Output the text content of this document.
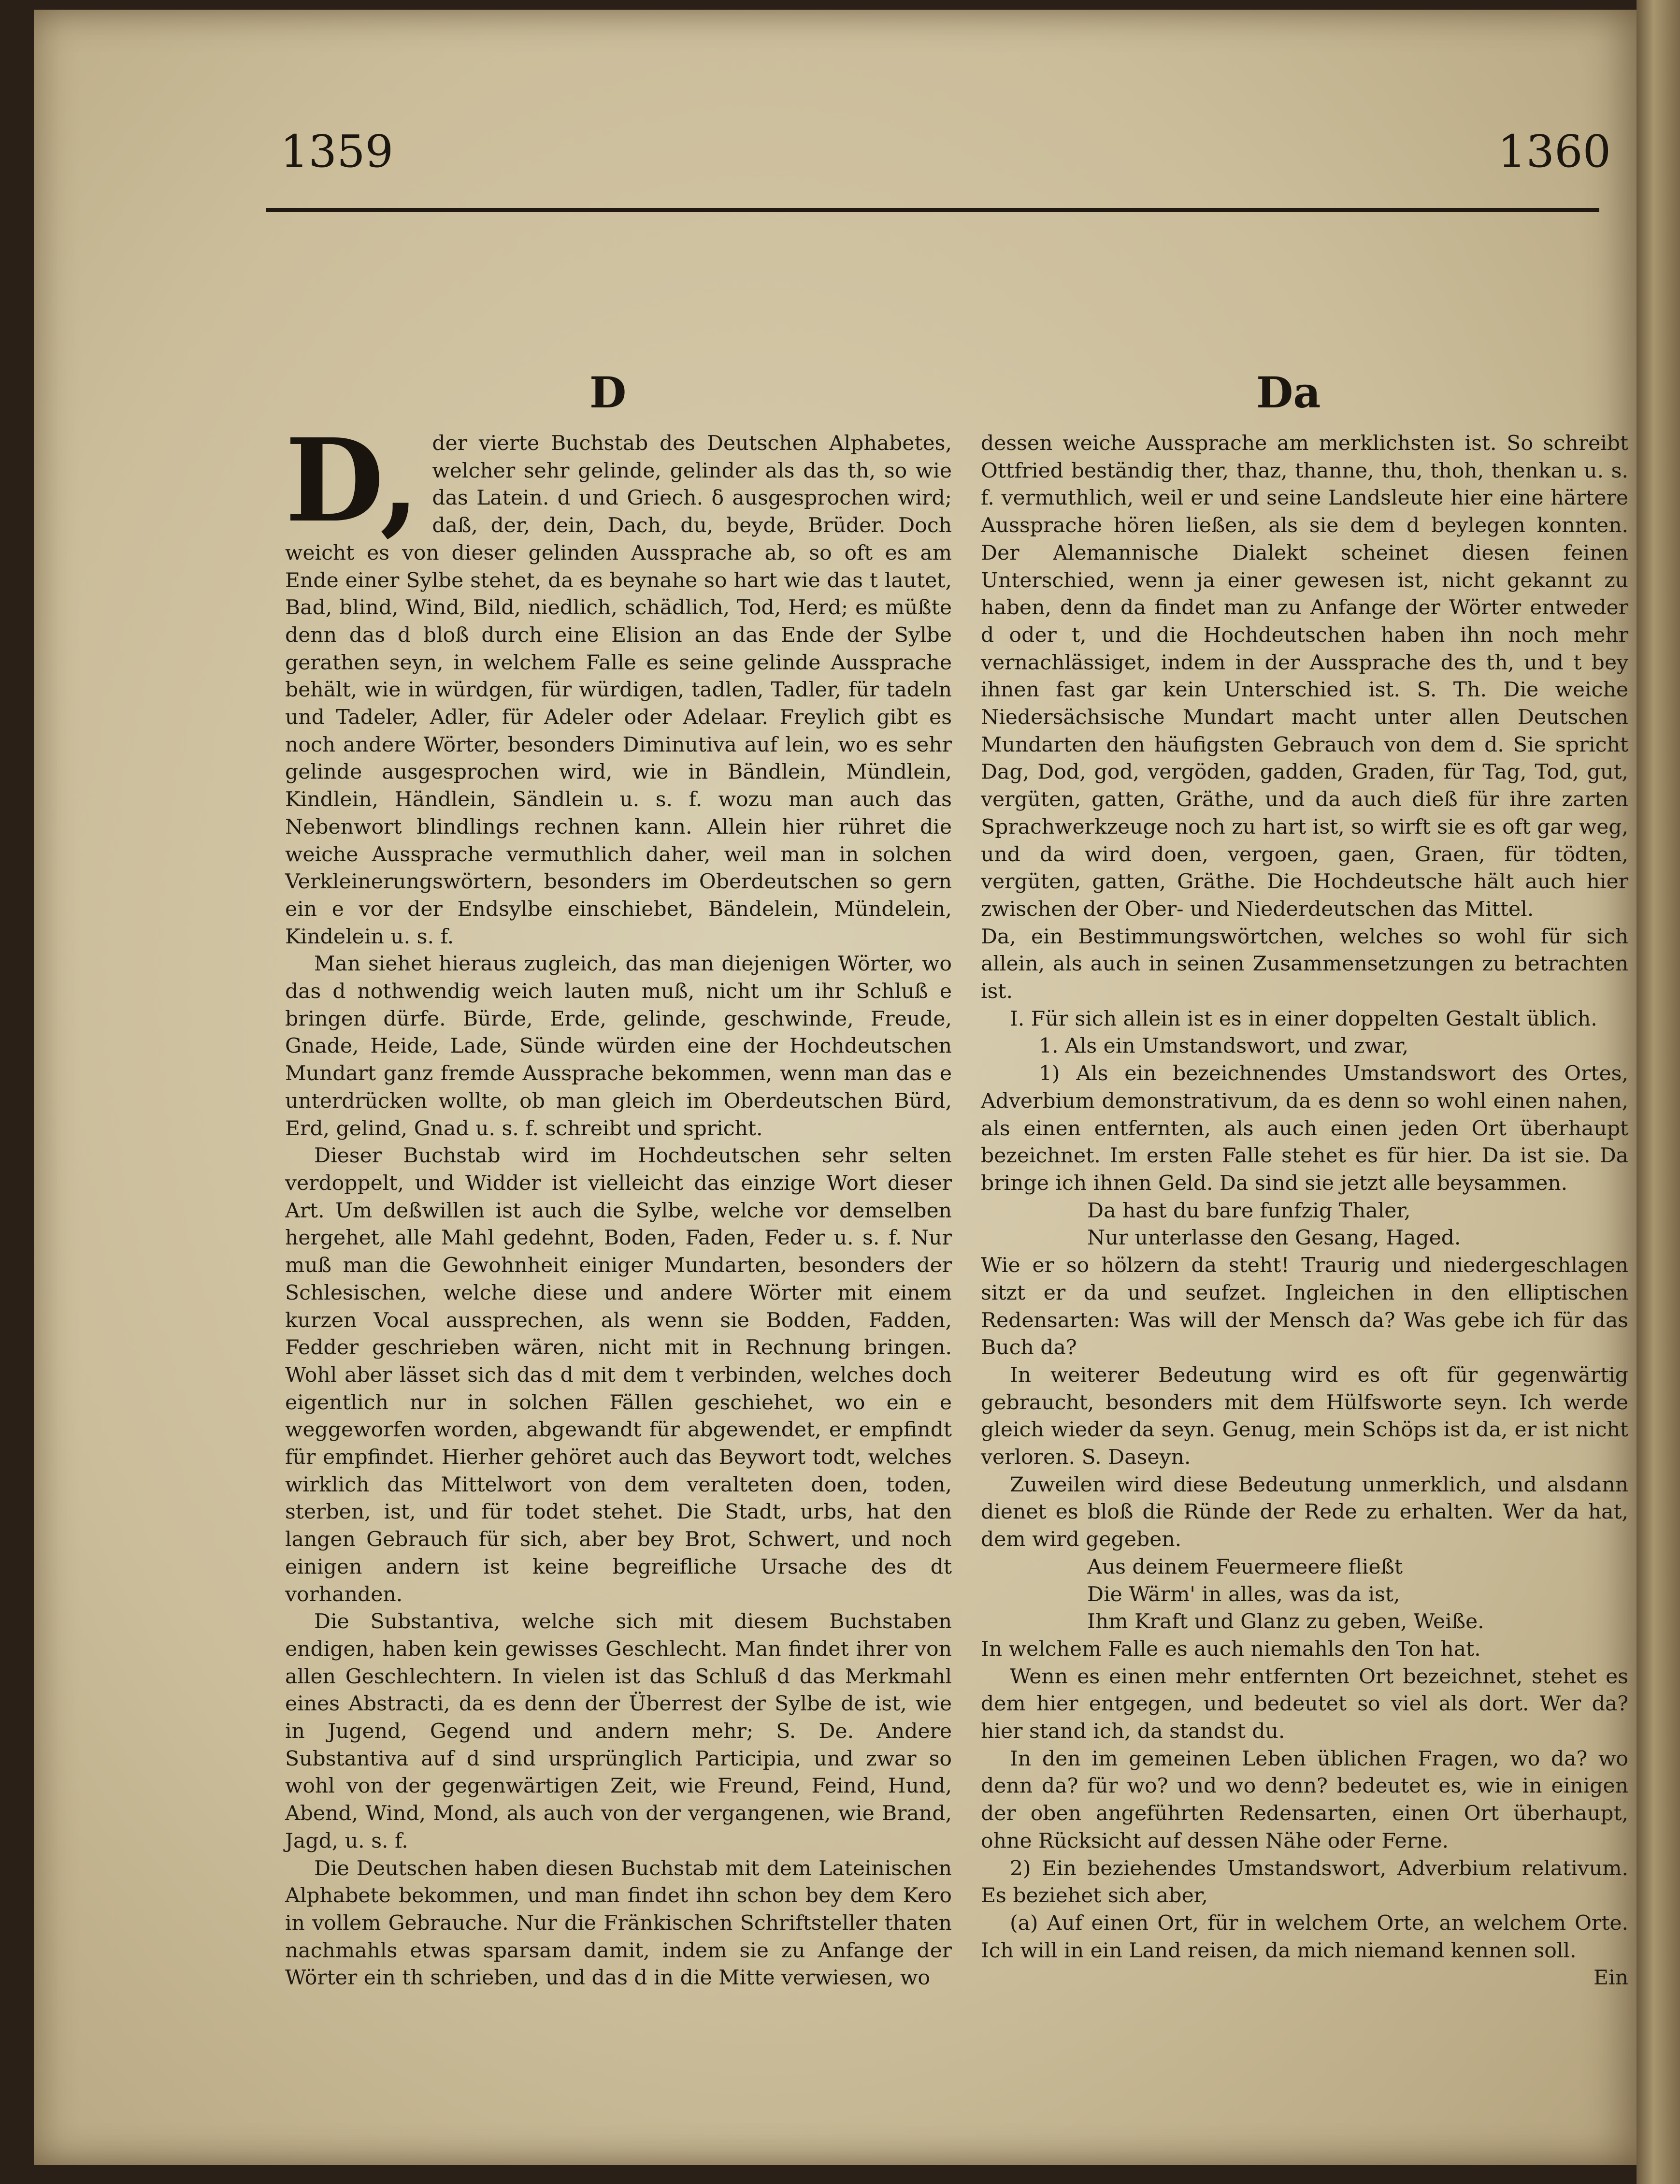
1359	1360
D	Da

D, der vierte Buchstab des Deutschen Alphabetes, welcher sehr gelinde, gelinder als das th, so wie das Latein. d und Griech. δ ausgesprochen wird; daß, der, dein, Dach, du, beyde, Brüder. Doch weicht es von dieser gelinden Aussprache ab, so oft es am Ende einer Sylbe stehet, da es beynahe so hart wie das t lautet, Bad, blind, Wind, Bild, niedlich, schädlich, Tod, Herd; es müßte denn das d bloß durch eine Elision an das Ende der Sylbe gerathen seyn, in welchem Falle es seine gelinde Aussprache behält, wie in würdgen, für würdigen, tadlen, Tadler, für tadeln und Tadeler, Adler, für Adeler oder Adelaar. Freylich gibt es noch andere Wörter, besonders Diminutiva auf lein, wo es sehr gelinde ausgesprochen wird, wie in Bändlein, Mündlein, Kindlein, Händlein, Sändlein u. s. f. wozu man auch das Nebenwort blindlings rechnen kann. Allein hier rühret die weiche Aussprache vermuthlich daher, weil man in solchen Verkleinerungswörtern, besonders im Oberdeutschen so gern ein e vor der Endsylbe einschiebet, Bändelein, Mündelein, Kindelein u. s. f.

Man siehet hieraus zugleich, das man diejenigen Wörter, wo das d nothwendig weich lauten muß, nicht um ihr Schluß e bringen dürfe. Bürde, Erde, gelinde, geschwinde, Freude, Gnade, Heide, Lade, Sünde würden eine der Hochdeutschen Mundart ganz fremde Aussprache bekommen, wenn man das e unterdrücken wollte, ob man gleich im Oberdeutschen Bürd, Erd, gelind, Gnad u. s. f. schreibt und spricht.

Dieser Buchstab wird im Hochdeutschen sehr selten verdoppelt, und Widder ist vielleicht das einzige Wort dieser Art. Um deßwillen ist auch die Sylbe, welche vor demselben hergehet, alle Mahl gedehnt, Boden, Faden, Feder u. s. f. Nur muß man die Gewohnheit einiger Mundarten, besonders der Schlesischen, welche diese und andere Wörter mit einem kurzen Vocal aussprechen, als wenn sie Bodden, Fadden, Fedder geschrieben wären, nicht mit in Rechnung bringen. Wohl aber lässet sich das d mit dem t verbinden, welches doch eigentlich nur in solchen Fällen geschiehet, wo ein e weggeworfen worden, abgewandt für abgewendet, er empfindt für empfindet. Hierher gehöret auch das Beywort todt, welches wirklich das Mittelwort von dem veralteten doen, toden, sterben, ist, und für todet stehet. Die Stadt, urbs, hat den langen Gebrauch für sich, aber bey Brot, Schwert, und noch einigen andern ist keine begreifliche Ursache des dt vorhanden.

Die Substantiva, welche sich mit diesem Buchstaben endigen, haben kein gewisses Geschlecht. Man findet ihrer von allen Geschlechtern. In vielen ist das Schluß d das Merkmahl eines Abstracti, da es denn der Überrest der Sylbe de ist, wie in Jugend, Gegend und andern mehr; S. De. Andere Substantiva auf d sind ursprünglich Participia, und zwar so wohl von der gegenwärtigen Zeit, wie Freund, Feind, Hund, Abend, Wind, Mond, als auch von der vergangenen, wie Brand, Jagd, u. s. f.

Die Deutschen haben diesen Buchstab mit dem Lateinischen Alphabete bekommen, und man findet ihn schon bey dem Kero in vollem Gebrauche. Nur die Fränkischen Schriftsteller thaten nachmahls etwas sparsam damit, indem sie zu Anfange der Wörter ein th schrieben, und das d in die Mitte verwiesen, wo

dessen weiche Aussprache am merklichsten ist. So schreibt Ottfried beständig ther, thaz, thanne, thu, thoh, thenkan u. s. f. vermuthlich, weil er und seine Landsleute hier eine härtere Aussprache hören ließen, als sie dem d beylegen konnten. Der Alemannische Dialekt scheinet diesen feinen Unterschied, wenn ja einer gewesen ist, nicht gekannt zu haben, denn da findet man zu Anfange der Wörter entweder d oder t, und die Hochdeutschen haben ihn noch mehr vernachlässiget, indem in der Aussprache des th, und t bey ihnen fast gar kein Unterschied ist. S. Th. Die weiche Niedersächsische Mundart macht unter allen Deutschen Mundarten den häufigsten Gebrauch von dem d. Sie spricht Dag, Dod, god, vergöden, gadden, Graden, für Tag, Tod, gut, vergüten, gatten, Gräthe, und da auch dieß für ihre zarten Sprachwerkzeuge noch zu hart ist, so wirft sie es oft gar weg, und da wird doen, vergoen, gaen, Graen, für tödten, vergüten, gatten, Gräthe. Die Hochdeutsche hält auch hier zwischen der Ober- und Niederdeutschen das Mittel.

Da, ein Bestimmungswörtchen, welches so wohl für sich allein, als auch in seinen Zusammensetzungen zu betrachten ist.

I. Für sich allein ist es in einer doppelten Gestalt üblich.

1. Als ein Umstandswort, und zwar,

1) Als ein bezeichnendes Umstandswort des Ortes, Adverbium demonstrativum, da es denn so wohl einen nahen, als einen entfernten, als auch einen jeden Ort überhaupt bezeichnet. Im ersten Falle stehet es für hier. Da ist sie. Da bringe ich ihnen Geld. Da sind sie jetzt alle beysammen.

Da hast du bare funfzig Thaler,

Nur unterlasse den Gesang, Haged.

Wie er so hölzern da steht! Traurig und niedergeschlagen sitzt er da und seufzet. Ingleichen in den elliptischen Redensarten: Was will der Mensch da? Was gebe ich für das Buch da?

In weiterer Bedeutung wird es oft für gegenwärtig gebraucht, besonders mit dem Hülfsworte seyn. Ich werde gleich wieder da seyn. Genug, mein Schöps ist da, er ist nicht verloren. S. Daseyn.

Zuweilen wird diese Bedeutung unmerklich, und alsdann dienet es bloß die Ründe der Rede zu erhalten. Wer da hat, dem wird gegeben.

Aus deinem Feuermeere fließt

Die Wärm' in alles, was da ist,

Ihm Kraft und Glanz zu geben, Weiße.

In welchem Falle es auch niemahls den Ton hat.

Wenn es einen mehr entfernten Ort bezeichnet, stehet es dem hier entgegen, und bedeutet so viel als dort. Wer da? hier stand ich, da standst du.

In den im gemeinen Leben üblichen Fragen, wo da? wo denn da? für wo? und wo denn? bedeutet es, wie in einigen der oben angeführten Redensarten, einen Ort überhaupt, ohne Rücksicht auf dessen Nähe oder Ferne.

2) Ein beziehendes Umstandswort, Adverbium relativum. Es beziehet sich aber,

(a) Auf einen Ort, für in welchem Orte, an welchem Orte. Ich will in ein Land reisen, da mich niemand kennen soll.

Ein
